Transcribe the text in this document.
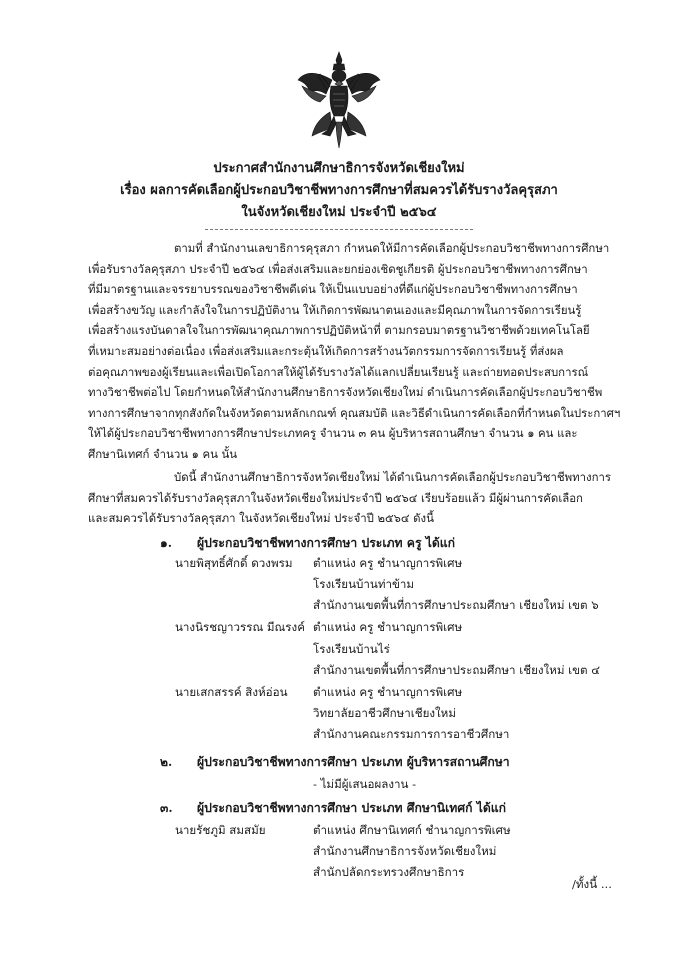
ประกาศสำนักงานศึกษาธิการจังหวัดเชียงใหม่
เรื่อง ผลการคัดเลือกผู้ประกอบวิชาชีพทางการศึกษาที่สมควรได้รับรางวัลคุรุสภา
ในจังหวัดเชียงใหม่ ประจำปี ๒๕๖๔
ตามที่ สำนักงานเลขาธิการคุรุสภา กำหนดให้มีการคัดเลือกผู้ประกอบวิชาชีพทางการศึกษา
เพื่อรับรางวัลคุรุสภา ประจำปี ๒๕๖๔ เพื่อส่งเสริมและยกย่องเชิดชูเกียรติ ผู้ประกอบวิชาชีพทางการศึกษา
ที่มีมาตรฐานและจรรยาบรรณของวิชาชีพดีเด่น ให้เป็นแบบอย่างที่ดีแก่ผู้ประกอบวิชาชีพทางการศึกษา
เพื่อสร้างขวัญ และกำลังใจในการปฏิบัติงาน ให้เกิดการพัฒนาตนเองและมีคุณภาพในการจัดการเรียนรู้
เพื่อสร้างแรงบันดาลใจในการพัฒนาคุณภาพการปฏิบัติหน้าที่ ตามกรอบมาตรฐานวิชาชีพด้วยเทคโนโลยี
ที่เหมาะสมอย่างต่อเนื่อง เพื่อส่งเสริมและกระตุ้นให้เกิดการสร้างนวัตกรรมการจัดการเรียนรู้ ที่ส่งผล
ต่อคุณภาพของผู้เรียนและเพื่อเปิดโอกาสให้ผู้ได้รับรางวัลได้แลกเปลี่ยนเรียนรู้ และถ่ายทอดประสบการณ์
ทางวิชาชีพต่อไป โดยกำหนดให้สำนักงานศึกษาธิการจังหวัดเชียงใหม่ ดำเนินการคัดเลือกผู้ประกอบวิชาชีพ
ทางการศึกษาจากทุกสังกัดในจังหวัดตามหลักเกณฑ์ คุณสมบัติ และวิธีดำเนินการคัดเลือกที่กำหนดในประกาศฯ
ให้ได้ผู้ประกอบวิชาชีพทางการศึกษาประเภทครู จำนวน ๓ คน ผู้บริหารสถานศึกษา จำนวน ๑ คน และ
ศึกษานิเทศก์ จำนวน ๑ คน นั้น
บัดนี้ สำนักงานศึกษาธิการจังหวัดเชียงใหม่ ได้ดำเนินการคัดเลือกผู้ประกอบวิชาชีพทางการ
ศึกษาที่สมควรได้รับรางวัลคุรุสภาในจังหวัดเชียงใหม่ประจำปี ๒๕๖๔ เรียบร้อยแล้ว มีผู้ผ่านการคัดเลือก
และสมควรได้รับรางวัลคุรุสภา ในจังหวัดเชียงใหม่ ประจำปี ๒๕๖๔ ดังนี้
๑.	ผู้ประกอบวิชาชีพทางการศึกษา ประเภท ครู ได้แก่
นายพิสุทธิ์ศักดิ์ ดวงพรม ตำแหน่ง ครู ชำนาญการพิเศษ
โรงเรียนบ้านท่าข้าม
สำนักงานเขตพื้นที่การศึกษาประถมศึกษา เชียงใหม่ เขต ๖
นางนิรชญาวรรณ มีณรงค์ ตำแหน่ง ครู ชำนาญการพิเศษ
โรงเรียนบ้านไร่
สำนักงานเขตพื้นที่การศึกษาประถมศึกษา เชียงใหม่ เขต ๔
นายเสกสรรค์ สิงห์อ่อน ตำแหน่ง ครู ชำนาญการพิเศษ
วิทยาลัยอาชีวศึกษาเชียงใหม่
สำนักงานคณะกรรมการการอาชีวศึกษา
๒.	ผู้ประกอบวิชาชีพทางการศึกษา ประเภท ผู้บริหารสถานศึกษา
- ไม่มีผู้เสนอผลงาน -
๓.	ผู้ประกอบวิชาชีพทางการศึกษา ประเภท ศึกษานิเทศก์ ได้แก่
นายรัชภูมิ สมสมัย	ตำแหน่ง ศึกษานิเทศก์ ชำนาญการพิเศษ
สำนักงานศึกษาธิการจังหวัดเชียงใหม่
สำนักปลัดกระทรวงศึกษาธิการ
/ทั้งนี้ ...
